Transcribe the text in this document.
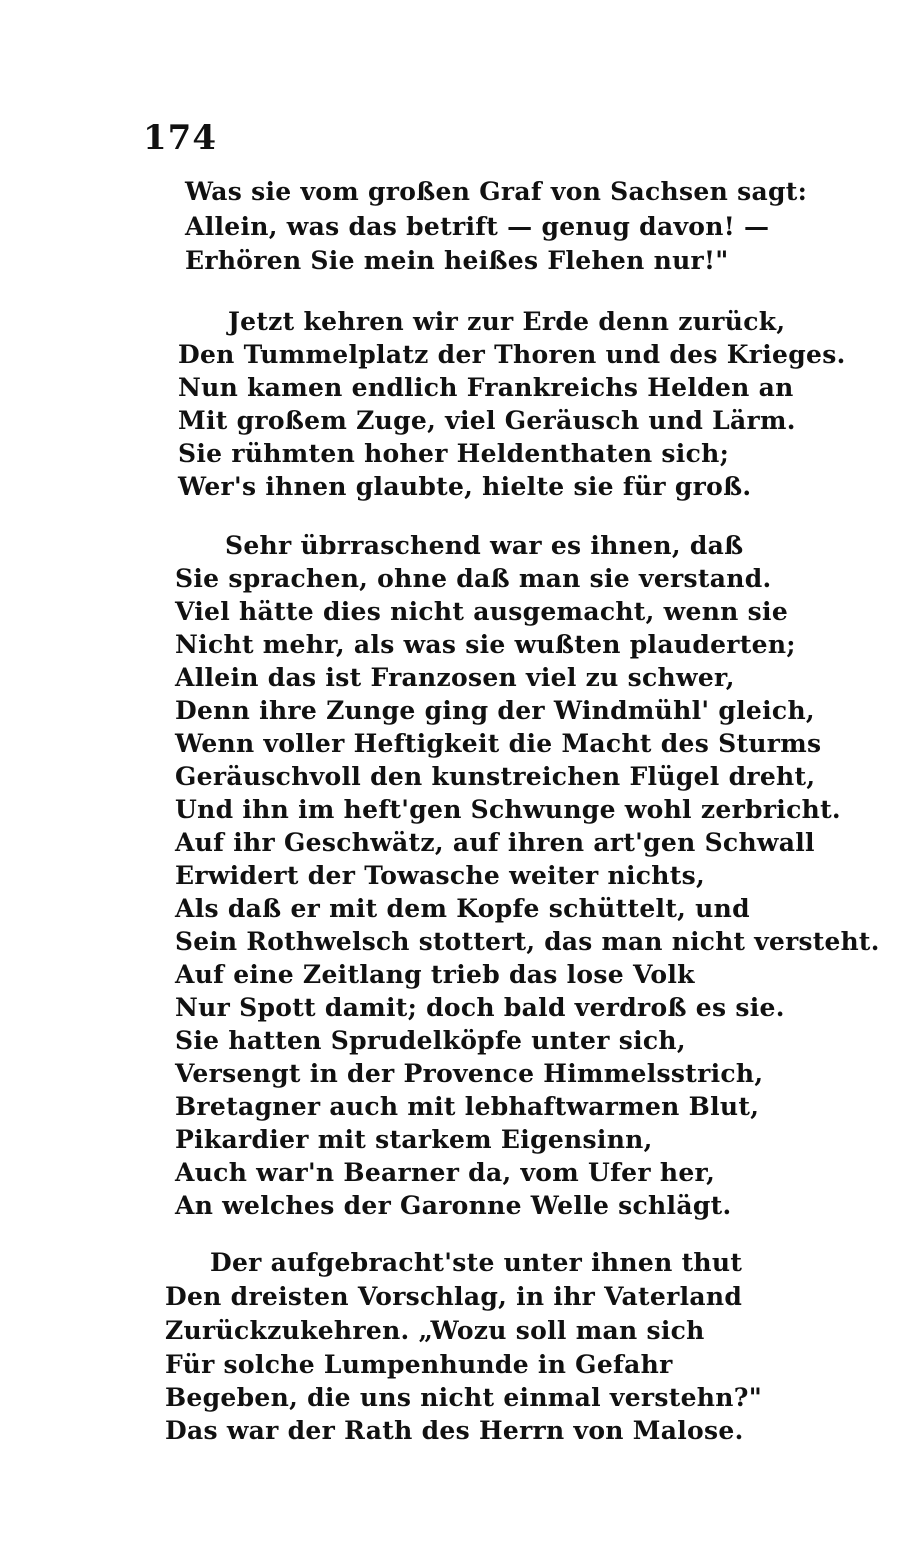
174
Was sie vom großen Graf von Sachsen sagt:
Allein, was das betrift — genug davon! —
Erhören Sie mein heißes Flehen nur!"
Jetzt kehren wir zur Erde denn zurück,
Den Tummelplatz der Thoren und des Krieges.
Nun kamen endlich Frankreichs Helden an
Mit großem Zuge, viel Geräusch und Lärm.
Sie rühmten hoher Heldenthaten sich;
Wer's ihnen glaubte, hielte sie für groß.
Sehr übrraschend war es ihnen, daß
Sie sprachen, ohne daß man sie verstand.
Viel hätte dies nicht ausgemacht, wenn sie
Nicht mehr, als was sie wußten plauderten;
Allein das ist Franzosen viel zu schwer,
Denn ihre Zunge ging der Windmühl' gleich,
Wenn voller Heftigkeit die Macht des Sturms
Geräuschvoll den kunstreichen Flügel dreht,
Und ihn im heft'gen Schwunge wohl zerbricht.
Auf ihr Geschwätz, auf ihren art'gen Schwall
Erwidert der Towasche weiter nichts,
Als daß er mit dem Kopfe schüttelt, und
Sein Rothwelsch stottert, das man nicht versteht.
Auf eine Zeitlang trieb das lose Volk
Nur Spott damit; doch bald verdroß es sie.
Sie hatten Sprudelköpfe unter sich,
Versengt in der Provence Himmelsstrich,
Bretagner auch mit lebhaftwarmen Blut,
Pikardier mit starkem Eigensinn,
Auch war'n Bearner da, vom Ufer her,
An welches der Garonne Welle schlägt.
Der aufgebracht'ste unter ihnen thut
Den dreisten Vorschlag, in ihr Vaterland
Zurückzukehren. „Wozu soll man sich
Für solche Lumpenhunde in Gefahr
Begeben, die uns nicht einmal verstehn?"
Das war der Rath des Herrn von Malose.
